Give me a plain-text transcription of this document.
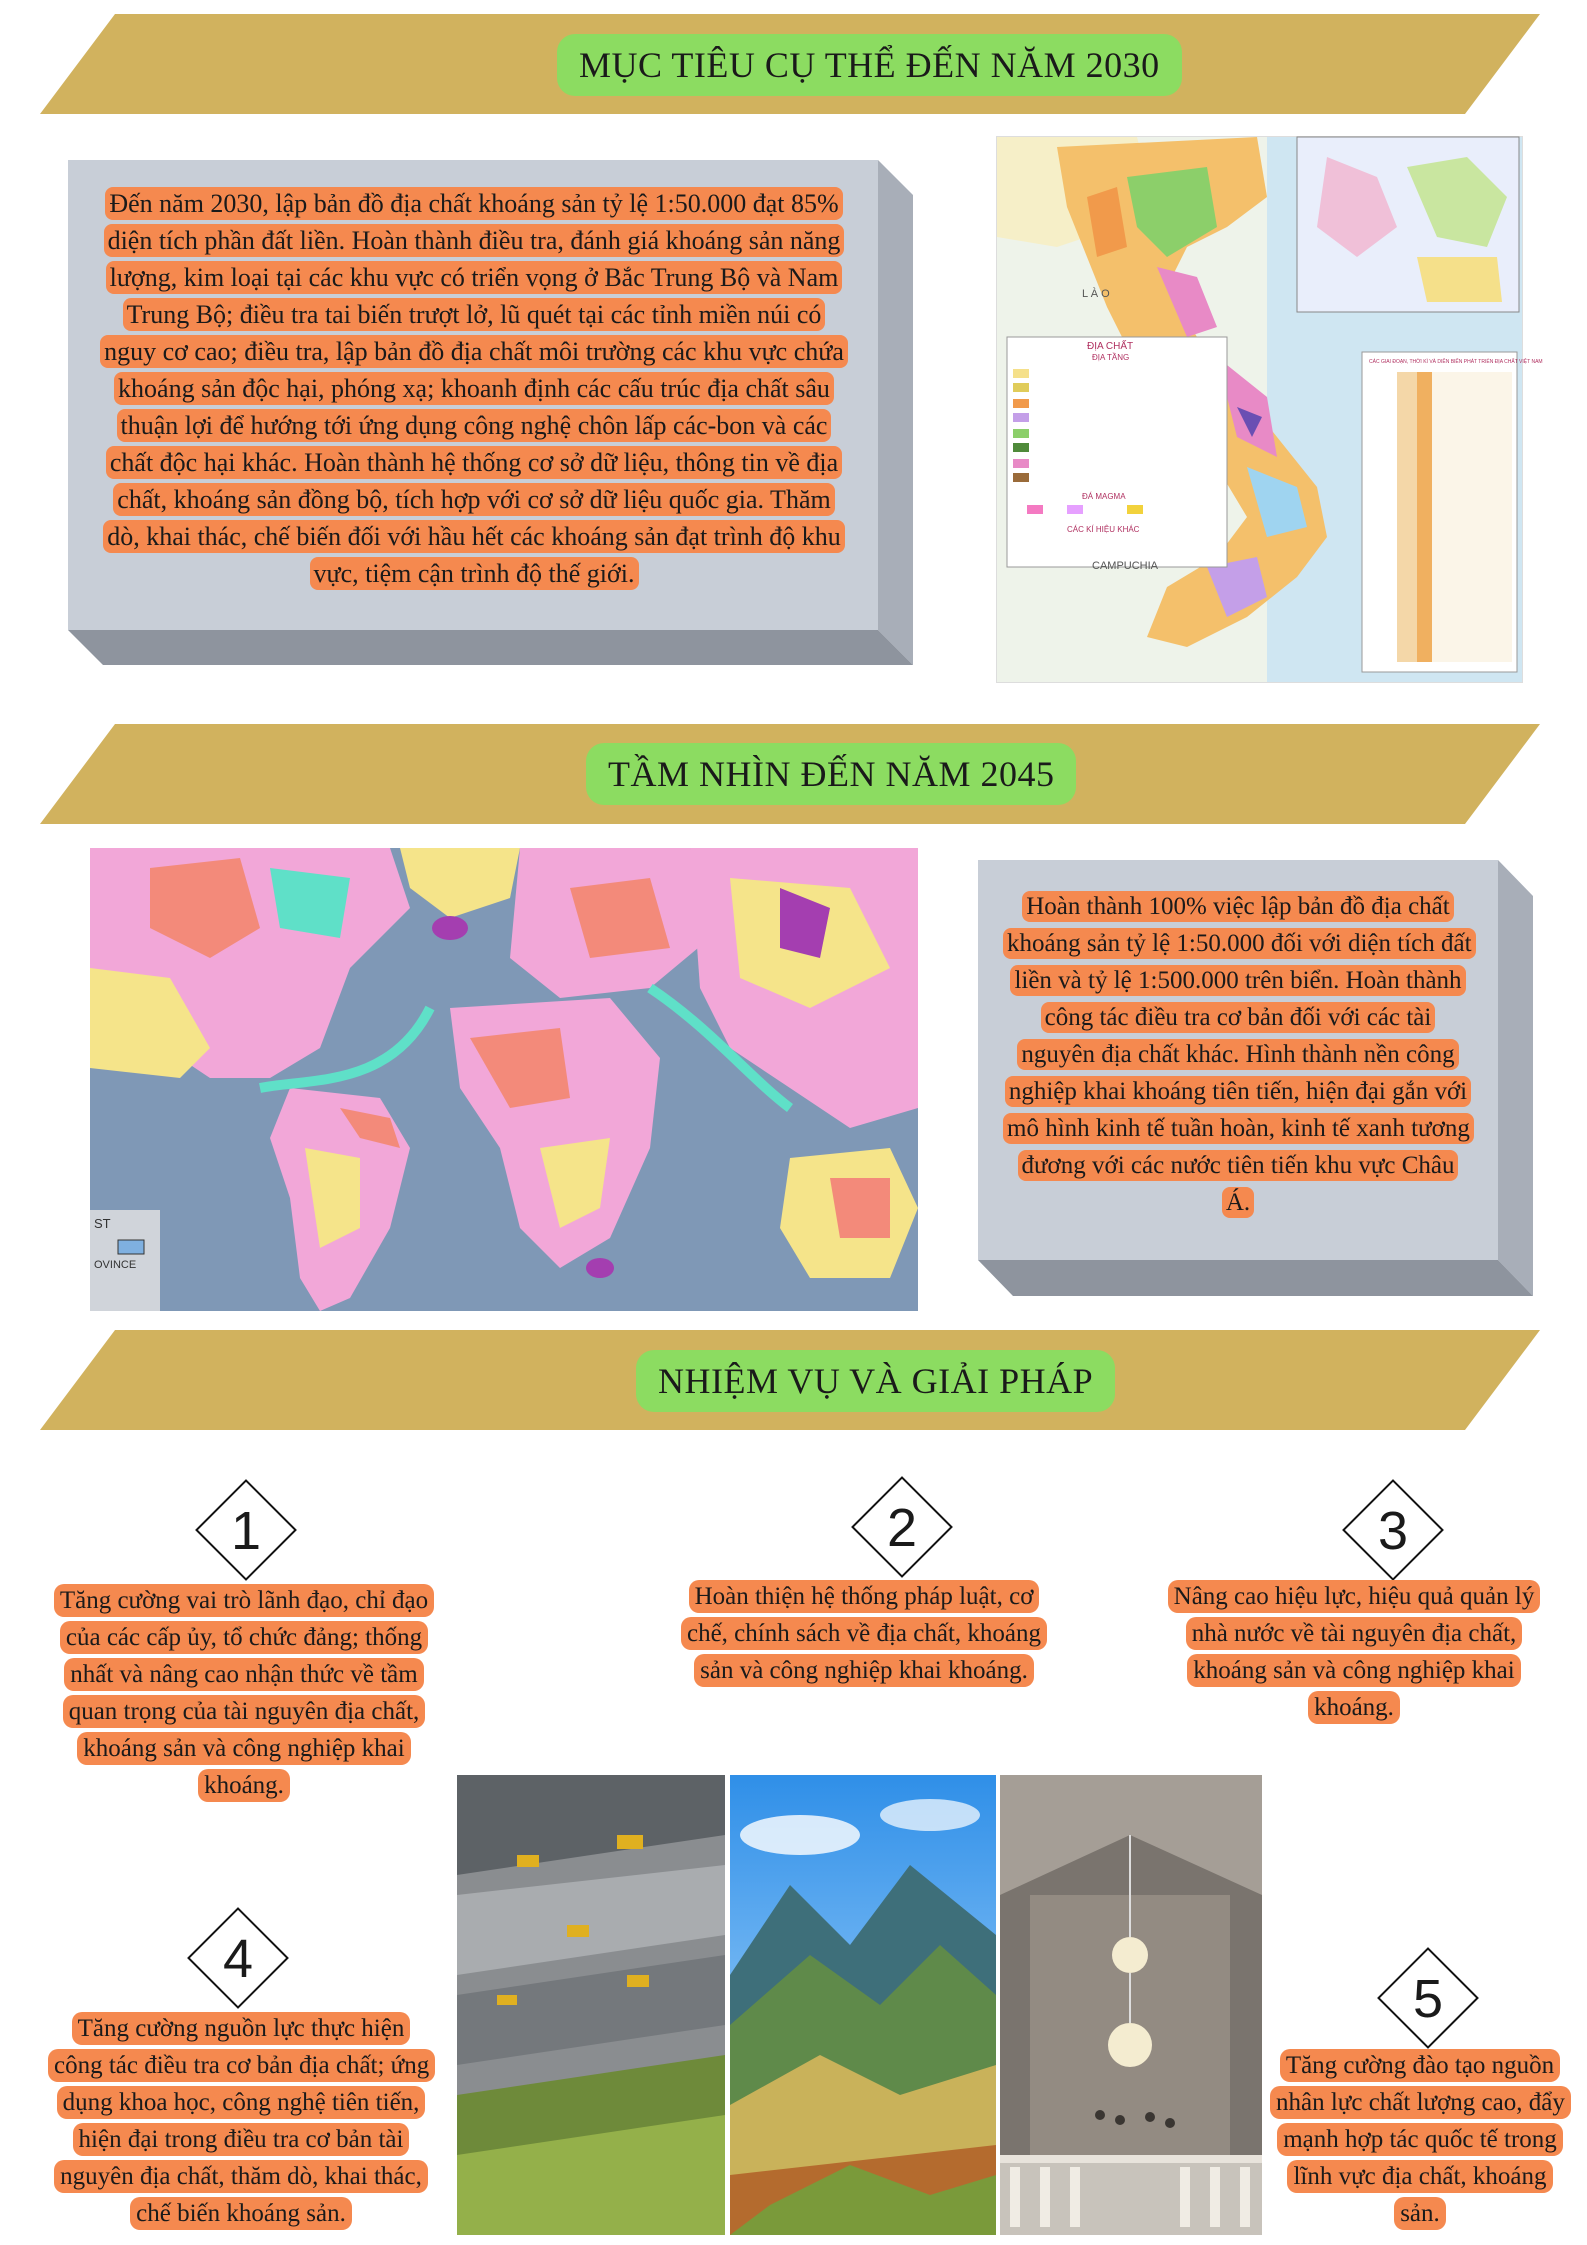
MỤC TIÊU CỤ THỂ ĐẾN NĂM 2030
Đến năm 2030, lập bản đồ địa chất khoáng sản tỷ lệ 1:50.000 đạt 85% diện tích phần đất liền. Hoàn thành điều tra, đánh giá khoáng sản năng lượng, kim loại tại các khu vực có triển vọng ở Bắc Trung Bộ và Nam Trung Bộ; điều tra tai biến trượt lở, lũ quét tại các tỉnh miền núi có nguy cơ cao; điều tra, lập bản đồ địa chất môi trường các khu vực chứa khoáng sản độc hại, phóng xạ; khoanh định các cấu trúc địa chất sâu thuận lợi để hướng tới ứng dụng công nghệ chôn lấp các-bon và các chất độc hại khác. Hoàn thành hệ thống cơ sở dữ liệu, thông tin về địa chất, khoáng sản đồng bộ, tích hợp với cơ sở dữ liệu quốc gia. Thăm dò, khai thác, chế biến đối với hầu hết các khoáng sản đạt trình độ khu vực, tiệm cận trình độ thế giới.
L À O
ĐỊA CHẤT
ĐỊA TẦNG
ĐÁ MAGMA
CÁC KÍ HIỆU KHÁC
CÁC GIAI ĐOẠN, THỜI KÌ VÀ DIỄN BIẾN PHÁT TRIỂN ĐỊA CHẤT VIỆT NAM
CAMPUCHIA
TẦM NHÌN ĐẾN NĂM 2045
ST
OVINCE
Hoàn thành 100% việc lập bản đồ địa chất khoáng sản tỷ lệ 1:50.000 đối với diện tích đất liền và tỷ lệ 1:500.000 trên biển. Hoàn thành công tác điều tra cơ bản đối với các tài nguyên địa chất khác. Hình thành nền công nghiệp khai khoáng tiên tiến, hiện đại gắn với mô hình kinh tế tuần hoàn, kinh tế xanh tương đương với các nước tiên tiến khu vực Châu Á.
NHIỆM VỤ VÀ GIẢI PHÁP
1
Tăng cường vai trò lãnh đạo, chỉ đạo của các cấp ủy, tổ chức đảng; thống nhất và nâng cao nhận thức về tầm quan trọng của tài nguyên địa chất, khoáng sản và công nghiệp khai khoáng.
2
Hoàn thiện hệ thống pháp luật, cơ chế, chính sách về địa chất, khoáng sản và công nghiệp khai khoáng.
3
Nâng cao hiệu lực, hiệu quả quản lý nhà nước về tài nguyên địa chất, khoáng sản và công nghiệp khai khoáng.
4
Tăng cường nguồn lực thực hiện công tác điều tra cơ bản địa chất; ứng dụng khoa học, công nghệ tiên tiến, hiện đại trong điều tra cơ bản tài nguyên địa chất, thăm dò, khai thác, chế biến khoáng sản.
5
Tăng cường đào tạo nguồn nhân lực chất lượng cao, đẩy mạnh hợp tác quốc tế trong lĩnh vực địa chất, khoáng sản.
